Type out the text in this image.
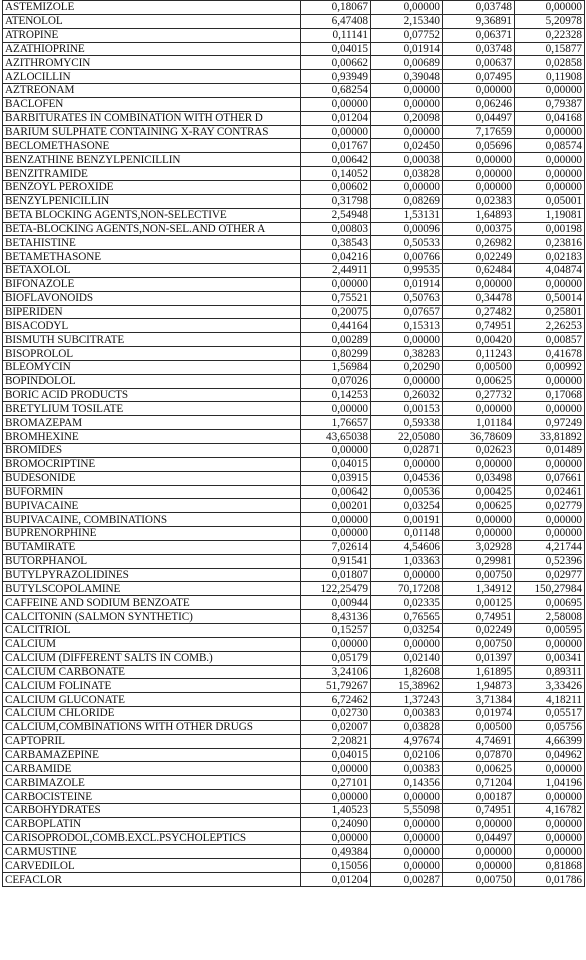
ASTEMIZOLE	0,18067	0,00000	0,03748	0,00000
ATENOLOL	6,47408	2,15340	9,36891	5,20978
ATROPINE	0,11141	0,07752	0,06371	0,22328
AZATHIOPRINE	0,04015	0,01914	0,03748	0,15877
AZITHROMYCIN	0,00662	0,00689	0,00637	0,02858
AZLOCILLIN	0,93949	0,39048	0,07495	0,11908
AZTREONAM	0,68254	0,00000	0,00000	0,00000
BACLOFEN	0,00000	0,00000	0,06246	0,79387
BARBITURATES IN COMBINATION WITH OTHER D	0,01204	0,20098	0,04497	0,04168
BARIUM SULPHATE CONTAINING X-RAY CONTRAS	0,00000	0,00000	7,17659	0,00000
BECLOMETHASONE	0,01767	0,02450	0,05696	0,08574
BENZATHINE BENZYLPENICILLIN	0,00642	0,00038	0,00000	0,00000
BENZITRAMIDE	0,14052	0,03828	0,00000	0,00000
BENZOYL PEROXIDE	0,00602	0,00000	0,00000	0,00000
BENZYLPENICILLIN	0,31798	0,08269	0,02383	0,05001
BETA BLOCKING AGENTS,NON-SELECTIVE	2,54948	1,53131	1,64893	1,19081
BETA-BLOCKING AGENTS,NON-SEL.AND OTHER A	0,00803	0,00096	0,00375	0,00198
BETAHISTINE	0,38543	0,50533	0,26982	0,23816
BETAMETHASONE	0,04216	0,00766	0,02249	0,02183
BETAXOLOL	2,44911	0,99535	0,62484	4,04874
BIFONAZOLE	0,00000	0,01914	0,00000	0,00000
BIOFLAVONOIDS	0,75521	0,50763	0,34478	0,50014
BIPERIDEN	0,20075	0,07657	0,27482	0,25801
BISACODYL	0,44164	0,15313	0,74951	2,26253
BISMUTH SUBCITRATE	0,00289	0,00000	0,00420	0,00857
BISOPROLOL	0,80299	0,38283	0,11243	0,41678
BLEOMYCIN	1,56984	0,20290	0,00500	0,00992
BOPINDOLOL	0,07026	0,00000	0,00625	0,00000
BORIC ACID PRODUCTS	0,14253	0,26032	0,27732	0,17068
BRETYLIUM TOSILATE	0,00000	0,00153	0,00000	0,00000
BROMAZEPAM	1,76657	0,59338	1,01184	0,97249
BROMHEXINE	43,65038	22,05080	36,78609	33,81892
BROMIDES	0,00000	0,02871	0,02623	0,01489
BROMOCRIPTINE	0,04015	0,00000	0,00000	0,00000
BUDESONIDE	0,03915	0,04536	0,03498	0,07661
BUFORMIN	0,00642	0,00536	0,00425	0,02461
BUPIVACAINE	0,00201	0,03254	0,00625	0,02779
BUPIVACAINE, COMBINATIONS	0,00000	0,00191	0,00000	0,00000
BUPRENORPHINE	0,00000	0,01148	0,00000	0,00000
BUTAMIRATE	7,02614	4,54606	3,02928	4,21744
BUTORPHANOL	0,91541	1,03363	0,29981	0,52396
BUTYLPYRAZOLIDINES	0,01807	0,00000	0,00750	0,02977
BUTYLSCOPOLAMINE	122,25479	70,17208	1,34912	150,27984
CAFFEINE AND SODIUM BENZOATE	0,00944	0,02335	0,00125	0,00695
CALCITONIN (SALMON SYNTHETIC)	8,43136	0,76565	0,74951	2,58008
CALCITRIOL	0,15257	0,03254	0,02249	0,00595
CALCIUM	0,00000	0,00000	0,00750	0,00000
CALCIUM (DIFFERENT SALTS IN COMB.)	0,05179	0,02140	0,01397	0,00341
CALCIUM CARBONATE	3,24106	1,82608	1,61895	0,89311
CALCIUM FOLINATE	51,79267	15,38962	1,94873	3,33426
CALCIUM GLUCONATE	6,72462	1,37243	3,71384	4,18211
CALCIUM CHLORIDE	0,02730	0,00383	0,01974	0,05517
CALCIUM,COMBINATIONS WITH OTHER DRUGS	0,02007	0,03828	0,00500	0,05756
CAPTOPRIL	2,20821	4,97674	4,74691	4,66399
CARBAMAZEPINE	0,04015	0,02106	0,07870	0,04962
CARBAMIDE	0,00000	0,00383	0,00625	0,00000
CARBIMAZOLE	0,27101	0,14356	0,71204	1,04196
CARBOCISTEINE	0,00000	0,00000	0,00187	0,00000
CARBOHYDRATES	1,40523	5,55098	0,74951	4,16782
CARBOPLATIN	0,24090	0,00000	0,00000	0,00000
CARISOPRODOL,COMB.EXCL.PSYCHOLEPTICS	0,00000	0,00000	0,04497	0,00000
CARMUSTINE	0,49384	0,00000	0,00000	0,00000
CARVEDILOL	0,15056	0,00000	0,00000	0,81868
CEFACLOR	0,01204	0,00287	0,00750	0,01786
